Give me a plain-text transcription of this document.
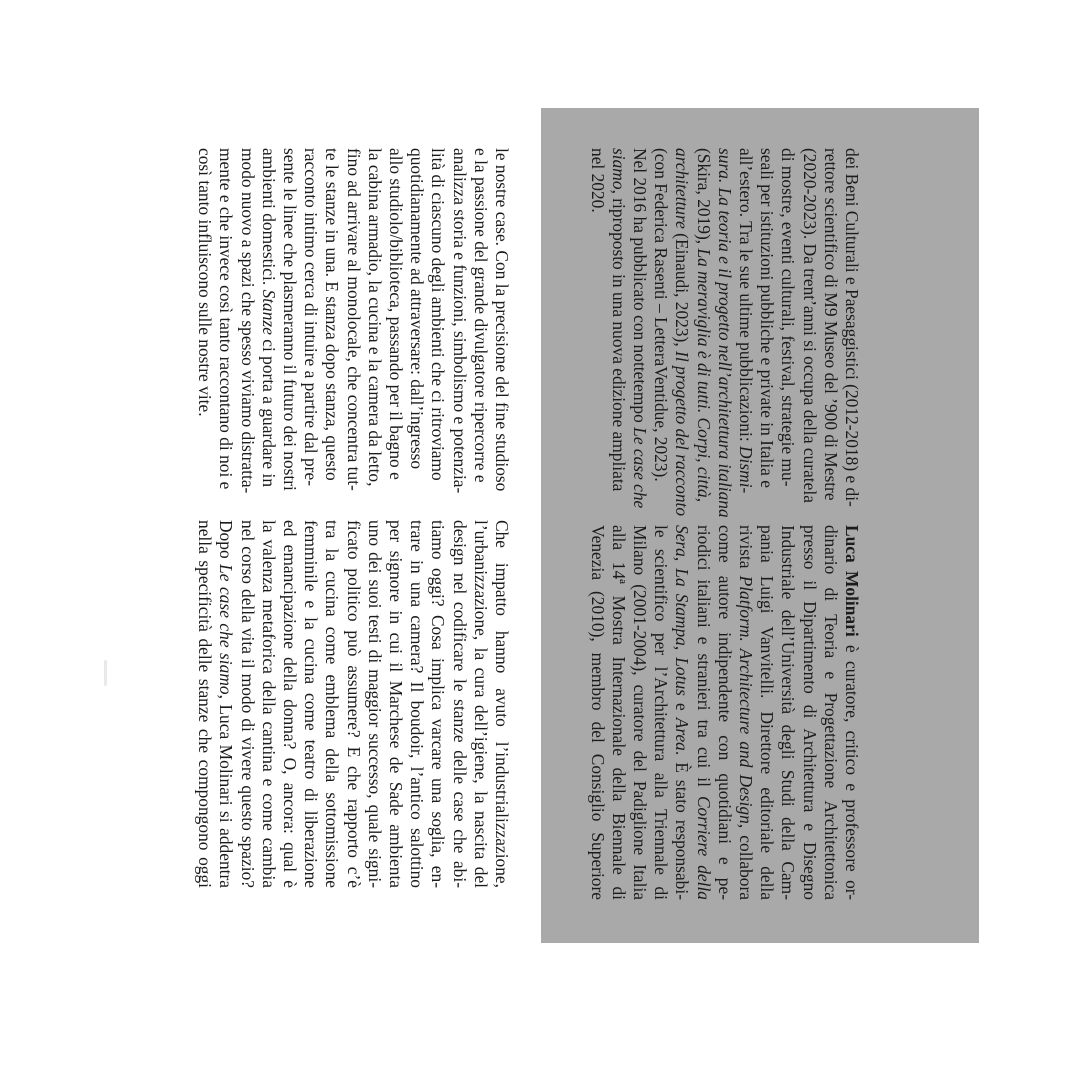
le nostre case. Con la precisione del fine studioso
e la passione del grande divulgatore ripercorre e
analizza storia e funzioni, simbolismo e potenzia-
lità di ciascuno degli ambienti che ci ritroviamo
quotidianamente ad attraversare: dall’ingresso
allo studiolo/biblioteca, passando per il bagno e
la cabina armadio, la cucina e la camera da letto,
fino ad arrivare al monolocale, che concentra tut-
te le stanze in una. E stanza dopo stanza, questo
racconto intimo cerca di intuire a partire dal pre-
sente le linee che plasmeranno il futuro dei nostri
ambienti domestici. Stanze ci porta a guardare in
modo nuovo a spazi che spesso viviamo distratta-
mente e che invece così tanto raccontano di noi e
così tanto influiscono sulle nostre vite.
Che impatto hanno avuto l’industrializzazione,
l’urbanizzazione, la cura dell’igiene, la nascita del
design nel codificare le stanze delle case che abi-
tiamo oggi? Cosa implica varcare una soglia, en-
trare in una camera? Il boudoir, l’antico salottino
per signore in cui il Marchese de Sade ambienta
uno dei suoi testi di maggior successo, quale signi-
ficato politico può assumere? E che rapporto c’è
tra la cucina come emblema della sottomissione
femminile e la cucina come teatro di liberazione
ed emancipazione della donna? O, ancora: qual è
la valenza metaforica della cantina e come cambia
nel corso della vita il modo di vivere questo spazio?
Dopo Le case che siamo, Luca Molinari si addentra
nella specificità delle stanze che compongono oggi
dei Beni Culturali e Paesaggistici (2012-2018) e di-
rettore scientifico di M9 Museo del ’900 di Mestre
(2020-2023). Da trent’anni si occupa della curatela
di mostre, eventi culturali, festival, strategie mu-
seali per istituzioni pubbliche e private in Italia e
all’estero. Tra le sue ultime pubblicazioni: Dismi-
sura. La teoria e il progetto nell’architettura italiana
(Skira, 2019), La meraviglia è di tutti. Corpi, città,
architetture (Einaudi, 2023), Il progetto del racconto
(con Federica Rasenti – LetteraVentidue, 2023).
Nel 2016 ha pubblicato con nottetempo Le case che
siamo, riproposto in una nuova edizione ampliata
nel 2020.
Luca Molinari è curatore, critico e professore or-
dinario di Teoria e Progettazione Architettonica
presso il Dipartimento di Architettura e Disegno
Industriale dell’Università degli Studi della Cam-
pania Luigi Vanvitelli. Direttore editoriale della
rivista Platform. Architecture and Design, collabora
come autore indipendente con quotidiani e pe-
riodici italiani e stranieri tra cui il Corriere della
Sera, La Stampa, Lotus e Area. È stato responsabi-
le scientifico per l’Architettura alla Triennale di
Milano (2001-2004), curatore del Padiglione Italia
alla 14ª Mostra Internazionale della Biennale di
Venezia (2010), membro del Consiglio Superiore
